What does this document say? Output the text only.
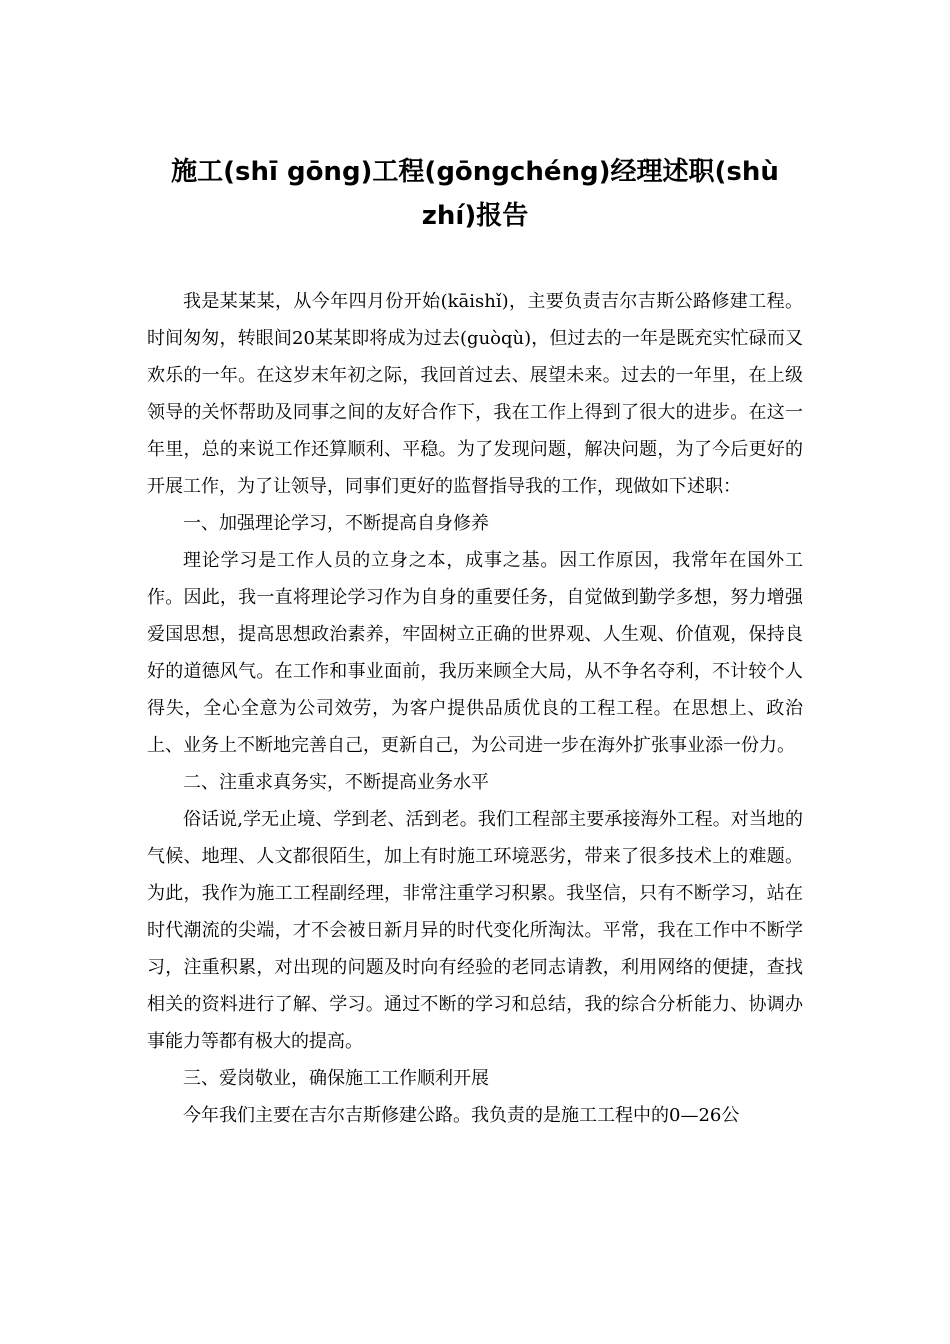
施工(shī gōng)工程(gōngchéng)经理述职(shù zhí)报告

我是某某某，从今年四月份开始(kāishǐ)，主要负责吉尔吉斯公路修建工程。时间匆匆，转眼间20某某即将成为过去(guòqù)，但过去的一年是既充实忙碌而又欢乐的一年。在这岁末年初之际，我回首过去、展望未来。过去的一年里，在上级领导的关怀帮助及同事之间的友好合作下，我在工作上得到了很大的进步。在这一年里，总的来说工作还算顺利、平稳。为了发现问题，解决问题，为了今后更好的开展工作，为了让领导，同事们更好的监督指导我的工作，现做如下述职：

一、加强理论学习，不断提高自身修养

理论学习是工作人员的立身之本，成事之基。因工作原因，我常年在国外工作。因此，我一直将理论学习作为自身的重要任务，自觉做到勤学多想，努力增强爱国思想，提高思想政治素养，牢固树立正确的世界观、人生观、价值观，保持良好的道德风气。在工作和事业面前，我历来顾全大局，从不争名夺利，不计较个人得失，全心全意为公司效劳，为客户提供品质优良的工程工程。在思想上、政治上、业务上不断地完善自己，更新自己，为公司进一步在海外扩张事业添一份力。

二、注重求真务实，不断提高业务水平

俗话说,学无止境、学到老、活到老。我们工程部主要承接海外工程。对当地的气候、地理、人文都很陌生，加上有时施工环境恶劣，带来了很多技术上的难题。为此，我作为施工工程副经理，非常注重学习积累。我坚信，只有不断学习，站在时代潮流的尖端，才不会被日新月异的时代变化所淘汰。平常，我在工作中不断学习，注重积累，对出现的问题及时向有经验的老同志请教，利用网络的便捷，查找相关的资料进行了解、学习。通过不断的学习和总结，我的综合分析能力、协调办事能力等都有极大的提高。

三、爱岗敬业，确保施工工作顺利开展

今年我们主要在吉尔吉斯修建公路。我负责的是施工工程中的0—26公
